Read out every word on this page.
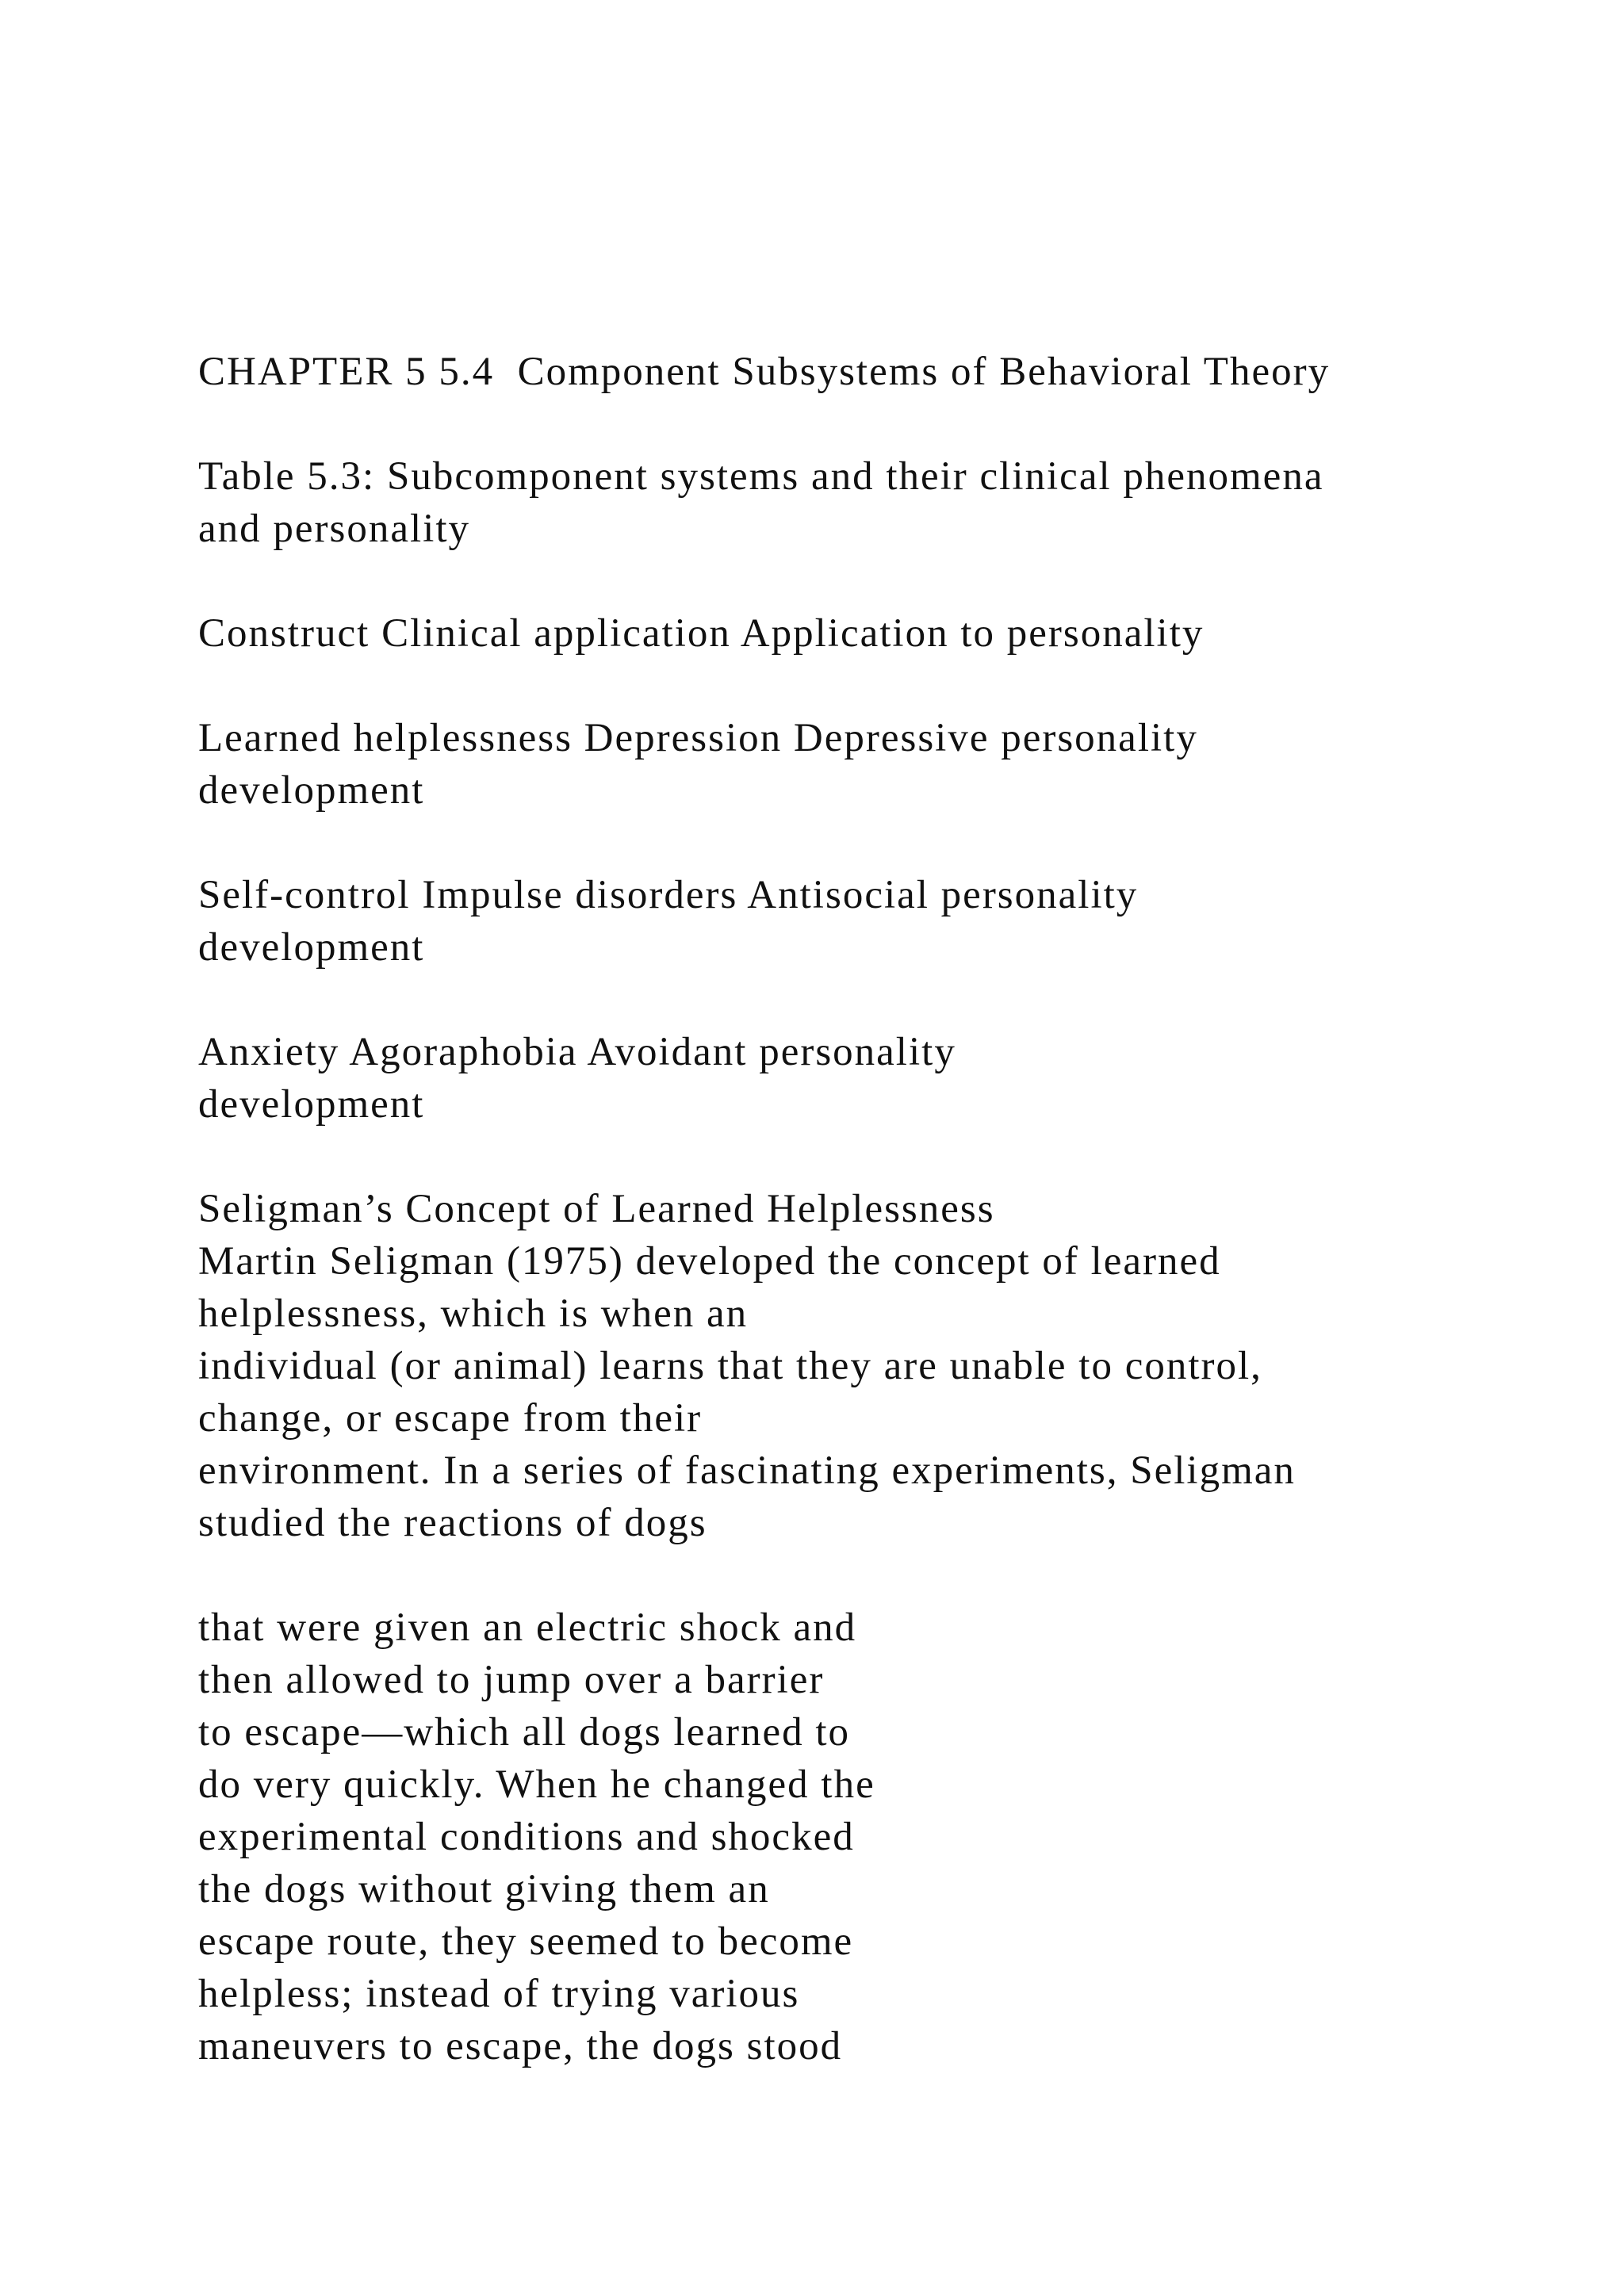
CHAPTER 5 5.4  Component Subsystems of Behavioral Theory
Table 5.3: Subcomponent systems and their clinical phenomena
and personality
Construct Clinical application Application to personality
Learned helplessness Depression Depressive personality
development
Self-control Impulse disorders Antisocial personality
development
Anxiety Agoraphobia Avoidant personality
development
Seligman’s Concept of Learned Helplessness
Martin Seligman (1975) developed the concept of learned
helplessness, which is when an
individual (or animal) learns that they are unable to control,
change, or escape from their
environment. In a series of fascinating experiments, Seligman
studied the reactions of dogs
that were given an electric shock and
then allowed to jump over a barrier
to escape—which all dogs learned to
do very quickly. When he changed the
experimental conditions and shocked
the dogs without giving them an
escape route, they seemed to become
helpless; instead of trying various
maneuvers to escape, the dogs stood
